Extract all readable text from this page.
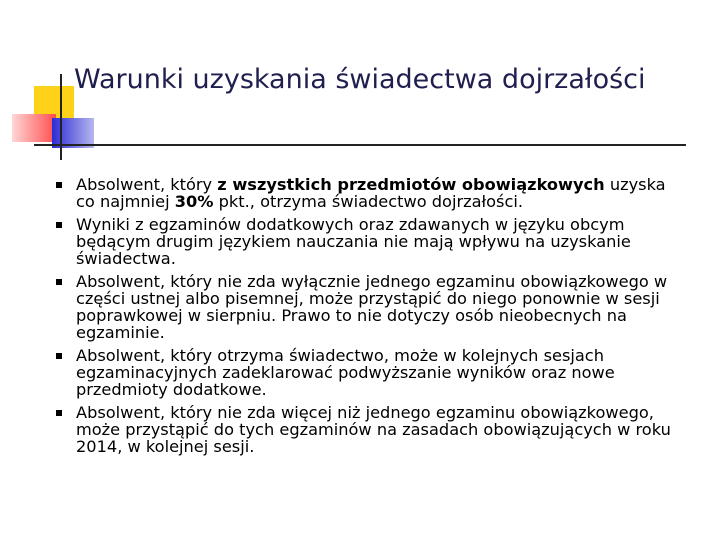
Warunki uzyskania świadectwa dojrzałości
Absolwent, który z wszystkich przedmiotów obowiązkowych uzyska co najmniej 30% pkt., otrzyma świadectwo dojrzałości.
Wyniki z egzaminów dodatkowych oraz zdawanych w języku obcym będącym drugim językiem nauczania nie mają wpływu na uzyskanie świadectwa.
Absolwent, który nie zda wyłącznie jednego egzaminu obowiązkowego w części ustnej albo pisemnej, może przystąpić do niego ponownie w sesji poprawkowej w sierpniu. Prawo to nie dotyczy osób nieobecnych na egzaminie.
Absolwent, który otrzyma świadectwo, może w kolejnych sesjach egzaminacyjnych zadeklarować podwyższanie wyników oraz nowe przedmioty dodatkowe.
Absolwent, który nie zda więcej niż jednego egzaminu obowiązkowego, może przystąpić do tych egzaminów na zasadach obowiązujących w roku 2014, w kolejnej sesji.
